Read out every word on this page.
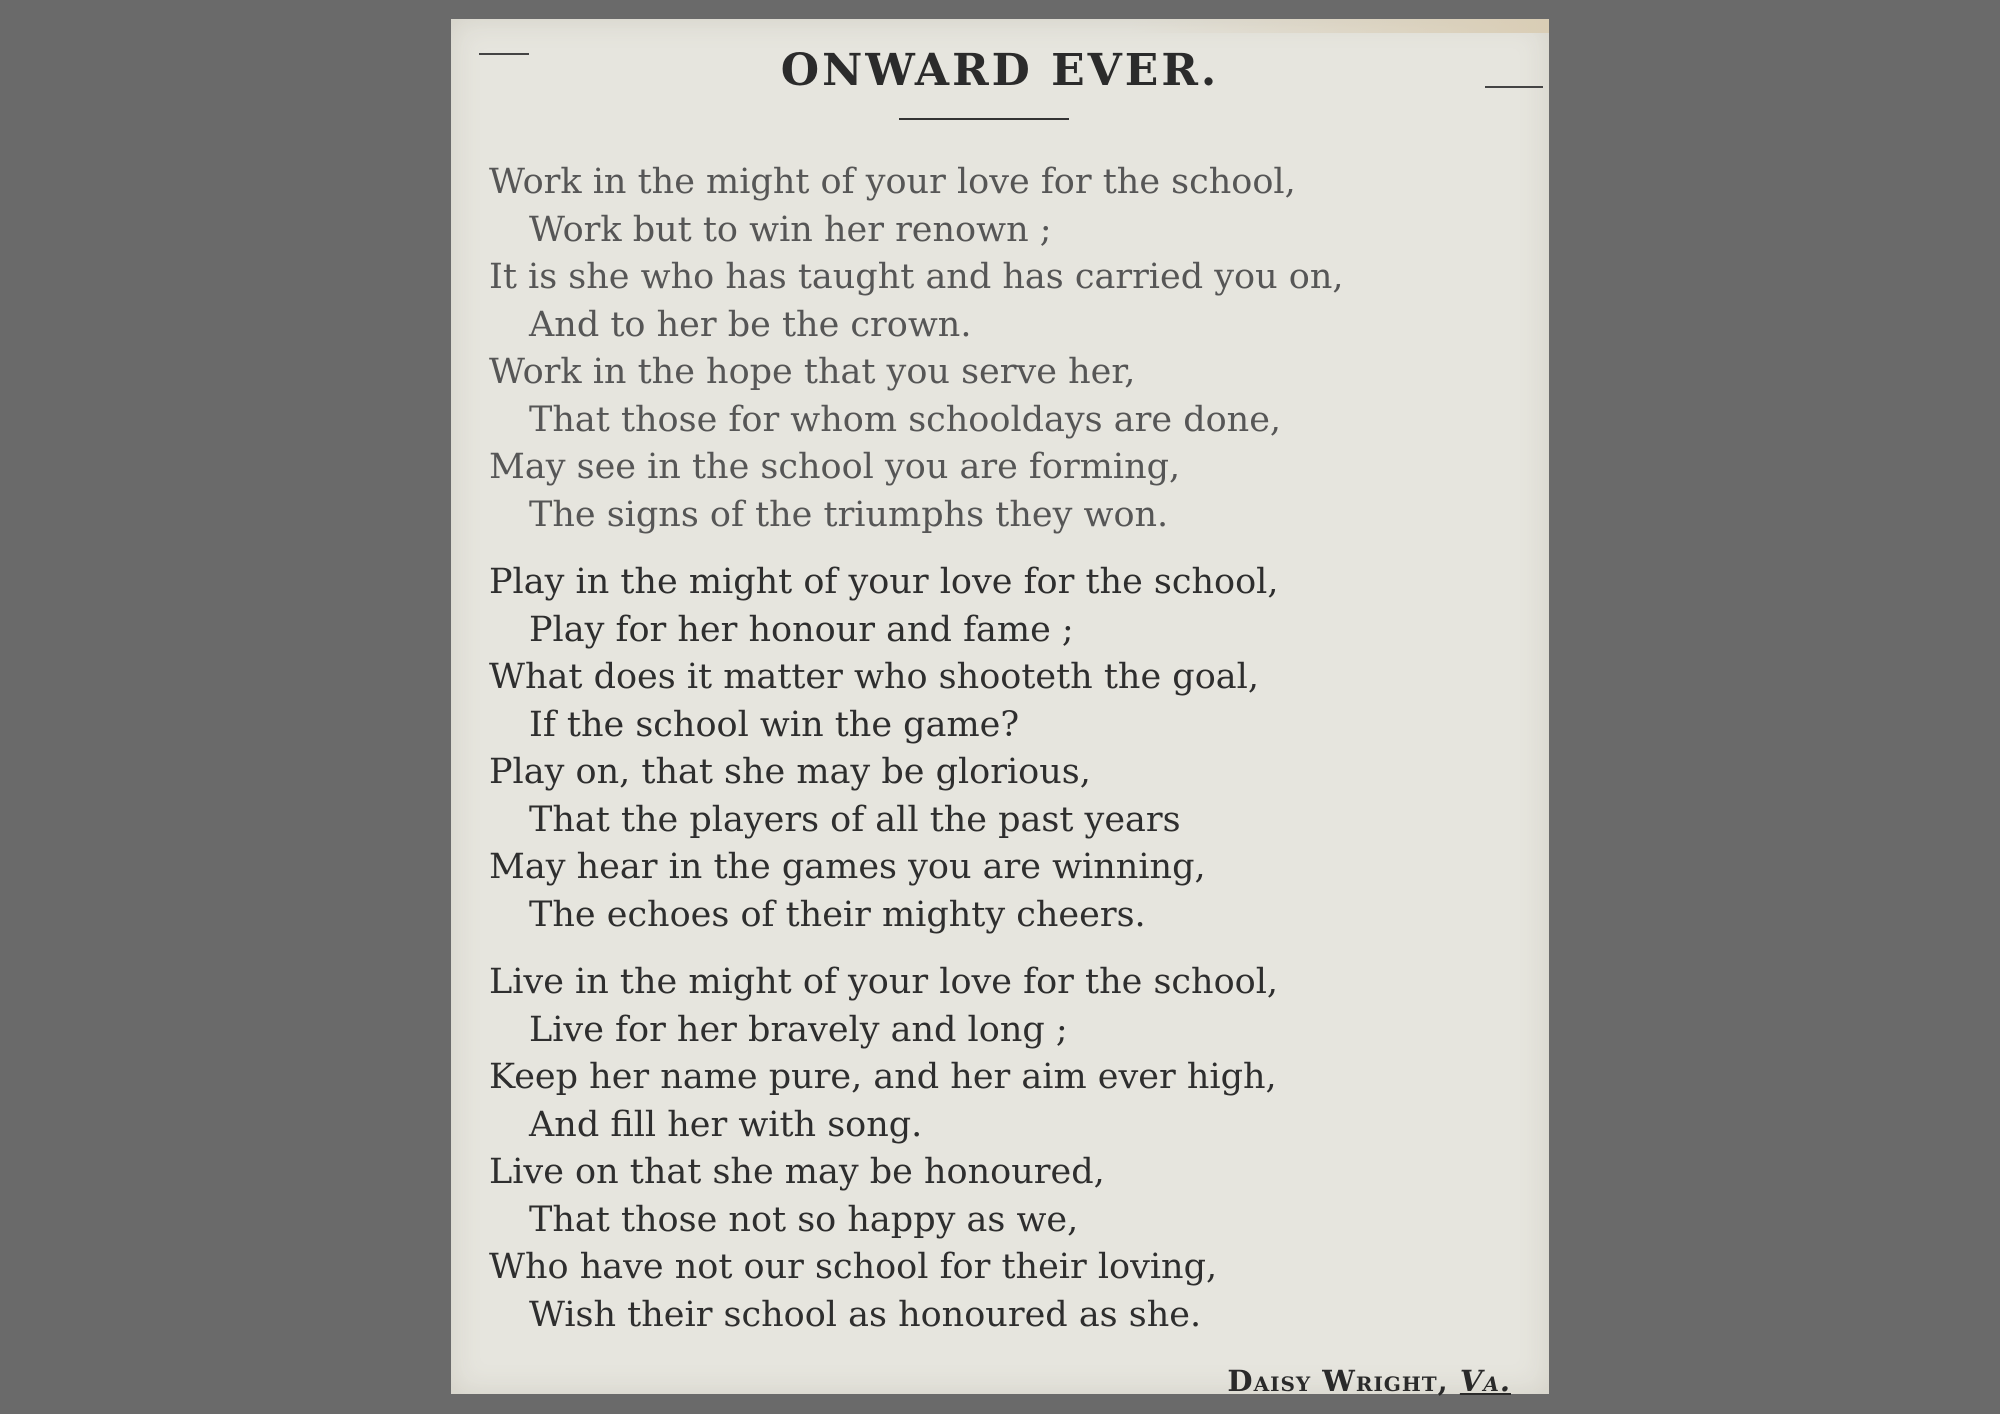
ONWARD EVER.
Work in the might of your love for the school,
Work but to win her renown ;
It is she who has taught and has carried you on,
And to her be the crown.
Work in the hope that you serve her,
That those for whom schooldays are done,
May see in the school you are forming,
The signs of the triumphs they won.
Play in the might of your love for the school,
Play for her honour and fame ;
What does it matter who shooteth the goal,
If the school win the game?
Play on, that she may be glorious,
That the players of all the past years
May hear in the games you are winning,
The echoes of their mighty cheers.
Live in the might of your love for the school,
Live for her bravely and long ;
Keep her name pure, and her aim ever high,
And fill her with song.
Live on that she may be honoured,
That those not so happy as we,
Who have not our school for their loving,
Wish their school as honoured as she.
Daisy Wright, Va.
